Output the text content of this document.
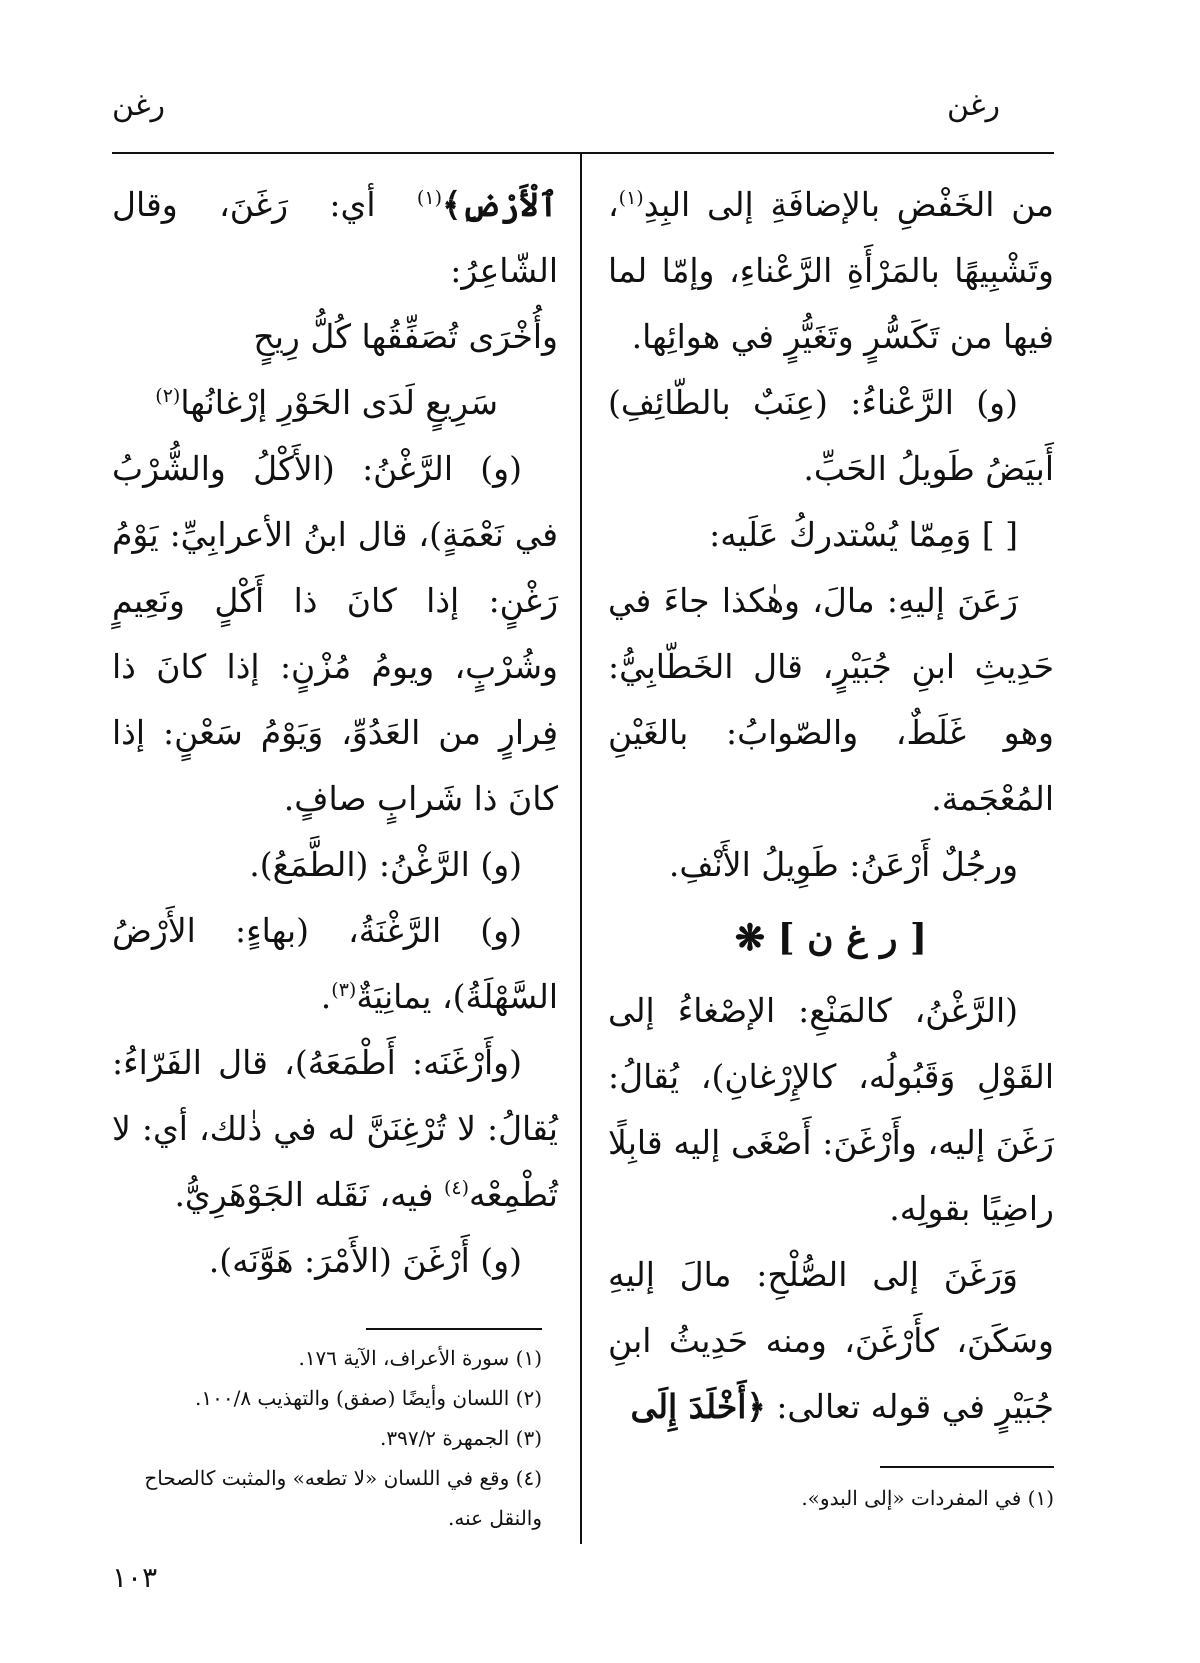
رغن
رغن

من الخَفْضِ بالإضافَةِ إلى البِدِ$^{(١)}$، وتَشْبِيهًا بالمَرْأَةِ الرَّعْناءِ، وإمّا لما فيها من تَكَسُّرٍ وتَغَيُّرٍ في هوائِها.

(و) الرَّعْناءُ: (عِنَبٌ بالطّائِفِ) أَبيَضُ طَويلُ الحَبِّ.

[ ] وَمِمّا يُسْتدركُ عَلَيه:

رَعَنَ إليهِ: مالَ، وهٰكذا جاءَ في حَدِيثِ ابنِ جُبَيْرٍ، قال الخَطّابِيُّ: وهو غَلَطٌ، والصّوابُ: بالغَيْنِ المُعْجَمة.

ورجُلٌ أَرْعَنُ: طَوِيلُ الأَنْفِ.

[ ر غ ن ] ❋

(الرَّغْنُ، كالمَنْعِ: الإصْغاءُ إلى القَوْلِ وَقَبُولُه، كالإِرْغانِ)، يُقالُ: رَغَنَ إليه، وأَرْغَنَ: أَصْغَى إليه قابِلًا راضِيًا بقولِه.

وَرَغَنَ إلى الصُّلْحِ: مالَ إليهِ وسَكَنَ، كأَرْغَنَ، ومنه حَدِيثُ ابنِ جُبَيْرٍ في قوله تعالى: ﴿أَخْلَدَ إِلَى

ٱلْأَرْضِ﴾$^{(١)}$ أي: رَغَنَ، وقال الشّاعِرُ:

وأُخْرَى تُصَفِّقُها كُلُّ رِيحٍ

سَرِيعٍ لَدَى الحَوْرِ إرْغانُها$^{(٢)}$

(و) الرَّغْنُ: (الأَكْلُ والشُّرْبُ في نَعْمَةٍ)، قال ابنُ الأعرابِيِّ: يَوْمُ رَغْنٍ: إذا كانَ ذا أَكْلٍ ونَعِيمٍ وشُرْبٍ، ويومُ مُزْنٍ: إذا كانَ ذا فِرارٍ من العَدُوِّ، وَيَوْمُ سَعْنٍ: إذا كانَ ذا شَرابٍ صافٍ.

(و) الرَّغْنُ: (الطَّمَعُ).

(و) الرَّغْنَةُ، (بهاءٍ: الأَرْضُ السَّهْلَةُ)، يمانِيَةٌ$^{(٣)}$.

(وأَرْغَنَه: أَطْمَعَهُ)، قال الفَرّاءُ: يُقالُ: لا تُرْغِنَنَّ له في ذٰلك، أي: لا تُطْمِعْه$^{(٤)}$ فيه، نَقَله الجَوْهَرِيُّ.

(و) أَرْغَنَ (الأَمْرَ: هَوَّنَه).

(١) في المفردات «إلى البدو».
(١) سورة الأعراف، الآية ١٧٦.
(٢) اللسان وأيضًا (صفق) والتهذيب ١٠٠/٨.
(٣) الجمهرة ٣٩٧/٢.
(٤) وقع في اللسان «لا تطعه» والمثبت كالصحاح والنقل عنه.
١٠٣
